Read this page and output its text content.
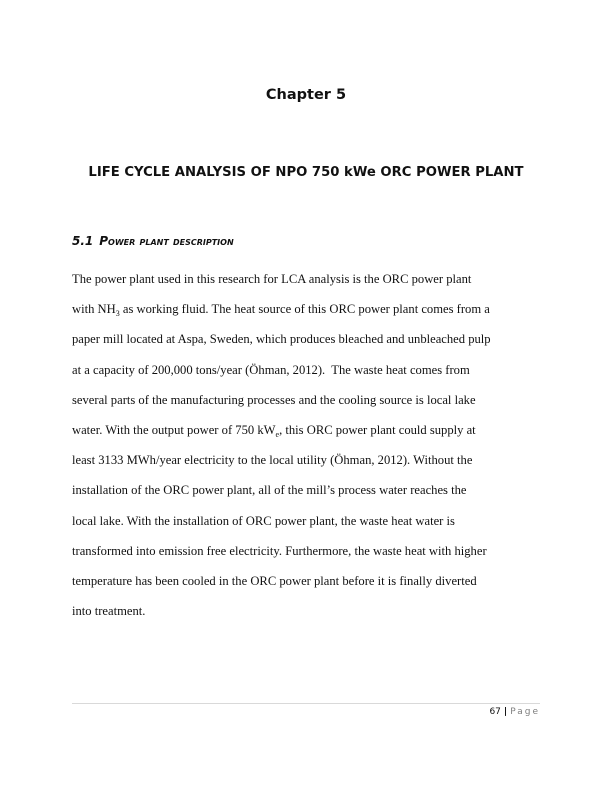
Chapter 5
LIFE CYCLE ANALYSIS OF NPO 750 kWe ORC POWER PLANT
5.1 Power plant description
The power plant used in this research for LCA analysis is the ORC power plant
with $NH_3$ as working fluid. The heat source of this ORC power plant comes from a
paper mill located at Aspa, Sweden, which produces bleached and unbleached pulp
at a capacity of 200,000 tons/year (Öhman, 2012).  The waste heat comes from
several parts of the manufacturing processes and the cooling source is local lake
water. With the output power of 750 $kW_e$, this ORC power plant could supply at
least 3133 MWh/year electricity to the local utility (Öhman, 2012). Without the
installation of the ORC power plant, all of the mill’s process water reaches the
local lake. With the installation of ORC power plant, the waste heat water is
transformed into emission free electricity. Furthermore, the waste heat with higher
temperature has been cooled in the ORC power plant before it is finally diverted
into treatment.
67 | Page
